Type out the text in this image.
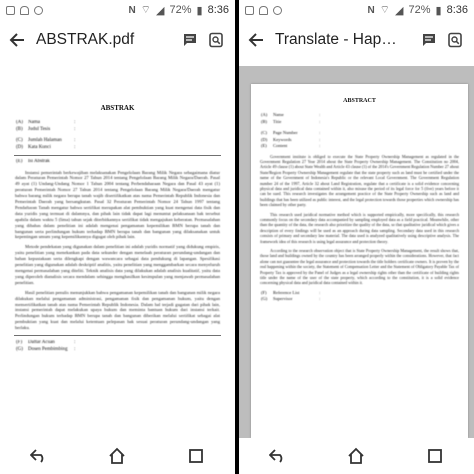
N ⌔ ◢ 72% ▮ 8:36
ABSTRAK.pdf
ABSTRAK
(A) Nama	:
(B) Judul Tesis	:
(C) Jumlah Halaman	:
(D) Kata Kunci	:
(E)	Isi Abstrak

Instansi pemerintah berkewajiban melaksanakan Pengelolaan Barang Milik Negara sebagaimana diatur dalam Peraturan Pemerintah Nomor 27 Tahun 2014 tentang Pengelolaan Barang Milik Negara/Daerah. Pasal 49 ayat (1) Undang-Undang Nomor 1 Tahun 2004 tentang Perbendaharaan Negara dan Pasal 43 ayat (1) peraturan Pemerintah Nomor 27 Tahun 2014 tentang Pengelolaan Barang Milik Negara/Daerah mengatur bahwa barang milik negara berupa tanah wajib disertifikatkan atas nama Pemerintah Republik Indonesia dan Pemerintah Daerah yang bersangkutan. Pasal 32 Peraturan Pemerintah Nomor 24 Tahun 1997 tentang Pendaftaran Tanah mengatur bahwa sertifikat merupakan alat pembuktian yang kuat mengenai data fisik dan data yuridis yang termuat di dalamnya, dan pihak lain tidak dapat lagi menuntut pelaksanaan hak tersebut apabila dalam waktu 5 (lima) tahun sejak diterbitkannya sertifikat tidak mengajukan keberatan. Permasalahan yang dibahas dalam penelitian ini adalah mengenai pengamanan kepemilikan BMN berupa tanah dan bangunan serta perlindungan hukum terhadap BMN berupa tanah dan bangunan yang dilaksanakan untuk kepentingan umum yang kepemilikannya digugat oleh pihak lain.

Metode pendekatan yang digunakan dalam penelitian ini adalah yuridis normatif yang didukung empiris, yaitu penelitian yang menekankan pada data sekunder dengan menelaah peraturan perundang-undangan dan bahan kepustakaan serta dilengkapi dengan wawancara sebagai data pendukung di lapangan. Spesifikasi penelitian yang digunakan adalah deskriptif analitis, yaitu penelitian yang menggambarkan secara menyeluruh mengenai permasalahan yang diteliti. Teknik analisis data yang dilakukan adalah analisis kualitatif, yaitu data yang diperoleh dianalisis secara mendalam sehingga menghasilkan kesimpulan yang menjawab permasalahan penelitian.

Hasil penelitian penulis menunjukkan bahwa pengamanan kepemilikan tanah dan bangunan milik negara dilakukan melalui pengamanan administrasi, pengamanan fisik dan pengamanan hukum, yaitu dengan mensertifikatkan tanah atas nama Pemerintah Republik Indonesia. Dalam hal terjadi gugatan dari pihak lain, instansi pemerintah dapat melakukan upaya hukum dan meminta bantuan hukum dari instansi terkait. Perlindungan hukum terhadap BMN berupa tanah dan bangunan diberikan melalui sertifikat sebagai alat pembuktian yang kuat dan melalui ketentuan pelepasan hak sesuai peraturan perundang-undangan yang berlaku.

(F)	Daftar Acuan	:
(G) Dosen Pembimbing	:
N ⌔ ◢ 72% ▮ 8:36
Translate - Hap…
ABSTRACT
(A)	Name	:
(B)	Titie	:
(C)	Page Number	:
(D)	Keywords	:
(E)	Content	:

Government institute is obliged to execute the State Property Ownership Management as regulated in the Government Regulation 27 Year 2014 about the State Property Ownership Management. The Constitution no 2004, Article 49 clause (1) about State Wealth and Article 43 clause (1) of the 2014's Government Regulation Number 27 about State/Region Property Ownership Management regulate that the state property such as land must be certified under the name of the Government of Indonesia's Republic or the relevant Local Government. The Government Regulation number 24 of the 1997, Article 32 about Land Registration, regulate that a certificate is a solid evidence concerning physical data and juridical data contained within it, also misuse the period of its legal force for 5 (five) years before it can be sued. This research investigates the arrangement practice of the State Property Ownership such as land and buildings that has been utilized as public interest, and the legal protection towards those properties which ownership has been claimed by other party.

This research used juridical normative method which is supported empirically, more specifically, this research commonly focus on the secondary data accompanied by sampling employed data as a field practical. Meanwhile, other than the quantity of the data, the research also prioritize the quality of the data, so that qualitative juridical which gives a description of every findings will be used as an approach during data sampling. Secondary data used in this research consists of primary and secondary law material. The data used is analyzed qualitatively using descriptive analysis. The framework idea of this research is using legal assurance and protection theory.

According to the research observation object that is State Property Ownership Management, the result shows that, those land and buildings owned by the country has been arranged properly within the considerations. However, that fact alone can not guarantee the legal assurance and protection towards the title holders certificate owners. It is proven by the real happening within the society, the Statement of Compensation Letter and the Statement of Obligatory Payable Tax of Property Tax is approved by the Panel of Judges as a legal ownership rights other than the certificate of building rights title under the name of the user of the state property, which according to the constitution, it is a solid evidence concerning physical data and juridical data contained within it.

(F)	Reference List	:
(G)	Supervisor	:
